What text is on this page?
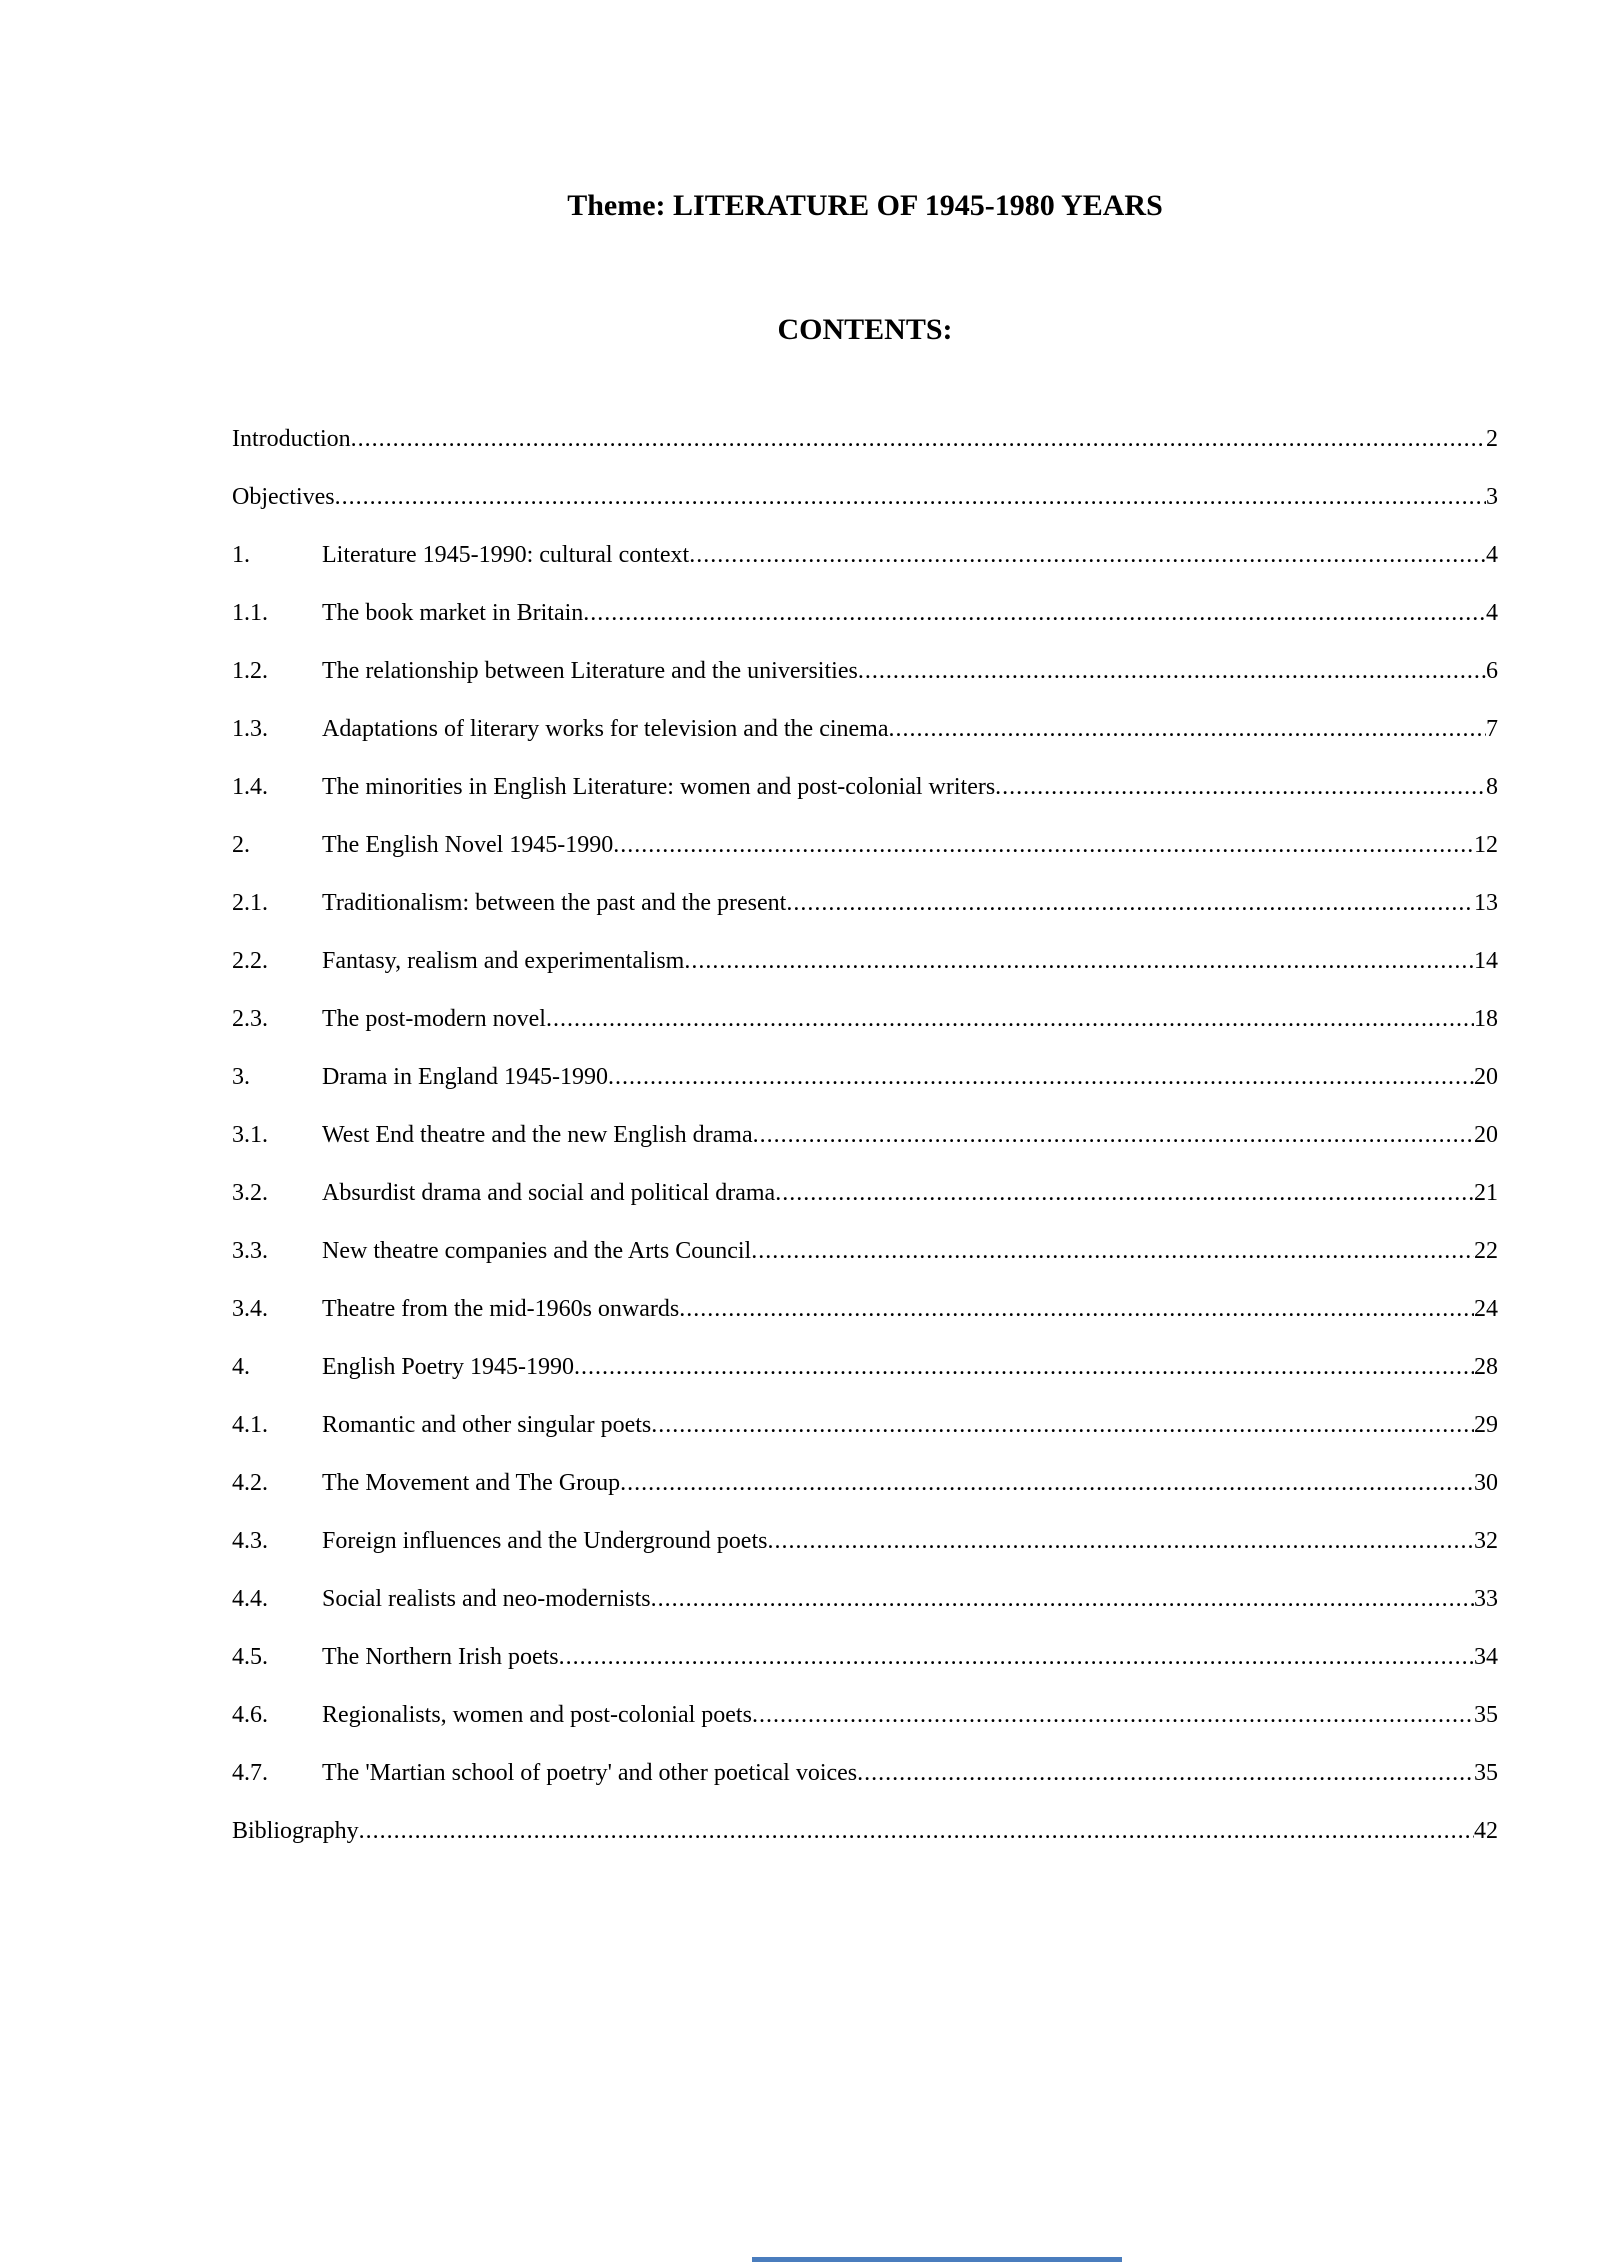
Theme: LITERATURE OF 1945-1980 YEARS
CONTENTS:
Introduction .....	2
Objectives .....	3
1.	Literature 1945-1990: cultural context .....	4
1.1.	The book market in Britain .....	4
1.2.	The relationship between Literature and the universities .....	6
1.3.	Adaptations of literary works for television and the cinema .....	7
1.4.	The minorities in English Literature: women and post-colonial writers .....	8
2.	The English Novel 1945-1990 .....	12
2.1.	Traditionalism: between the past and the present .....	13
2.2.	Fantasy, realism and experimentalism .....	14
2.3.	The post-modern novel .....	18
3.	Drama in England 1945-1990 .....	20
3.1.	West End theatre and the new English drama .....	20
3.2.	Absurdist drama and social and political drama .....	21
3.3.	New theatre companies and the Arts Council .....	22
3.4.	Theatre from the mid-1960s onwards .....	24
4.	English Poetry 1945-1990 .....	28
4.1.	Romantic and other singular poets .....	29
4.2.	The Movement and The Group .....	30
4.3.	Foreign influences and the Underground poets .....	32
4.4.	Social realists and neo-modernists .....	33
4.5.	The Northern Irish poets .....	34
4.6.	Regionalists, women and post-colonial poets .....	35
4.7.	The 'Martian school of poetry' and other poetical voices .....	35
Bibliography .....	42
